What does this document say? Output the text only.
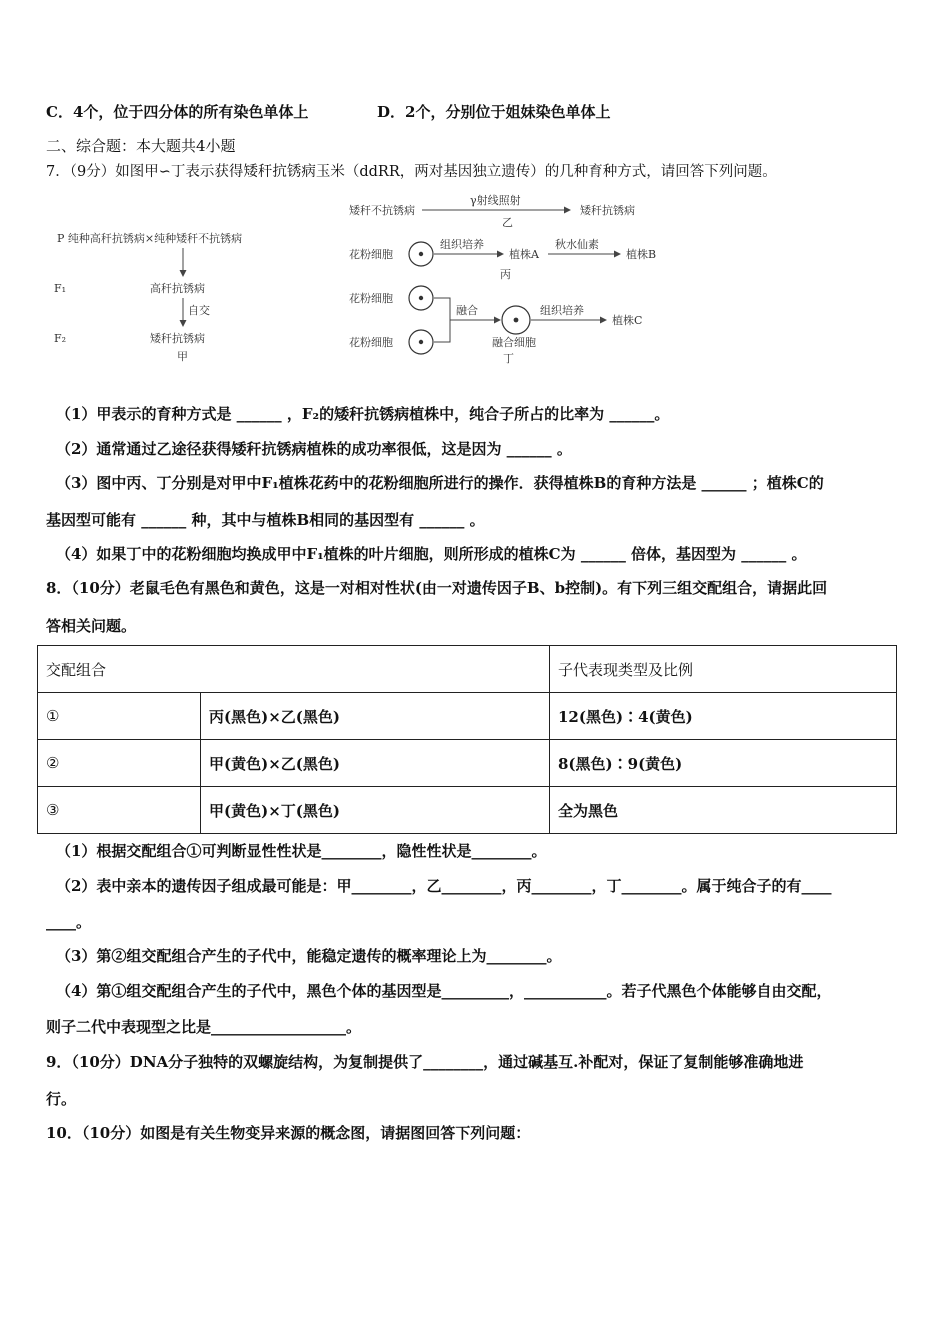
C．4个，位于四分体的所有染色单体上	D．2个，分别位于姐妹染色单体上
二、综合题：本大题共4小题
7．（9分）如图甲∽丁表示获得矮秆抗锈病玉米（ddRR，两对基因独立遗传）的几种育种方式，请回答下列问题。
P 纯种高秆抗锈病×纯种矮秆不抗锈病
F₁	高秆抗锈病
自交
F₂	矮秆抗锈病
甲
矮秆不抗锈病
γ射线照射
矮秆抗锈病
乙
花粉细胞
组织培养
植株A
秋水仙素
植株B
丙
花粉细胞
花粉细胞
融合	组织培养
植株C
融合细胞
丁
（1）甲表示的育种方式是 ______ ，F₂的矮秆抗锈病植株中，纯合子所占的比率为 ______。
（2）通常通过乙途径获得矮秆抗锈病植株的成功率很低，这是因为 ______ 。
（3）图中丙、丁分别是对甲中F₁植株花药中的花粉细胞所进行的操作．获得植株B的育种方法是 ______ ；植株C的
基因型可能有 ______ 种，其中与植株B相同的基因型有 ______ 。
（4）如果丁中的花粉细胞均换成甲中F₁植株的叶片细胞，则所形成的植株C为 ______ 倍体，基因型为 ______ 。
8．（10分）老鼠毛色有黑色和黄色，这是一对相对性状(由一对遗传因子B、b控制)。有下列三组交配组合，请据此回
答相关问题。
交配组合		子代表现类型及比例
①	丙(黑色)×乙(黑色)	12(黑色)∶4(黄色)
②	甲(黄色)×乙(黑色)	8(黑色)∶9(黄色)
③	甲(黄色)×丁(黑色)	全为黑色
（1）根据交配组合①可判断显性性状是________，隐性性状是________。
（2）表中亲本的遗传因子组成最可能是：甲________，乙________，丙________，丁________。属于纯合子的有____
____。
（3）第②组交配组合产生的子代中，能稳定遗传的概率理论上为________。
（4）第①组交配组合产生的子代中，黑色个体的基因型是_________，___________。若子代黑色个体能够自由交配，
则子二代中表现型之比是__________________。
9．（10分）DNA分子独特的双螺旋结构，为复制提供了________，通过碱基互.补配对，保证了复制能够准确地进
行。
10．（10分）如图是有关生物变异来源的概念图，请据图回答下列问题：
